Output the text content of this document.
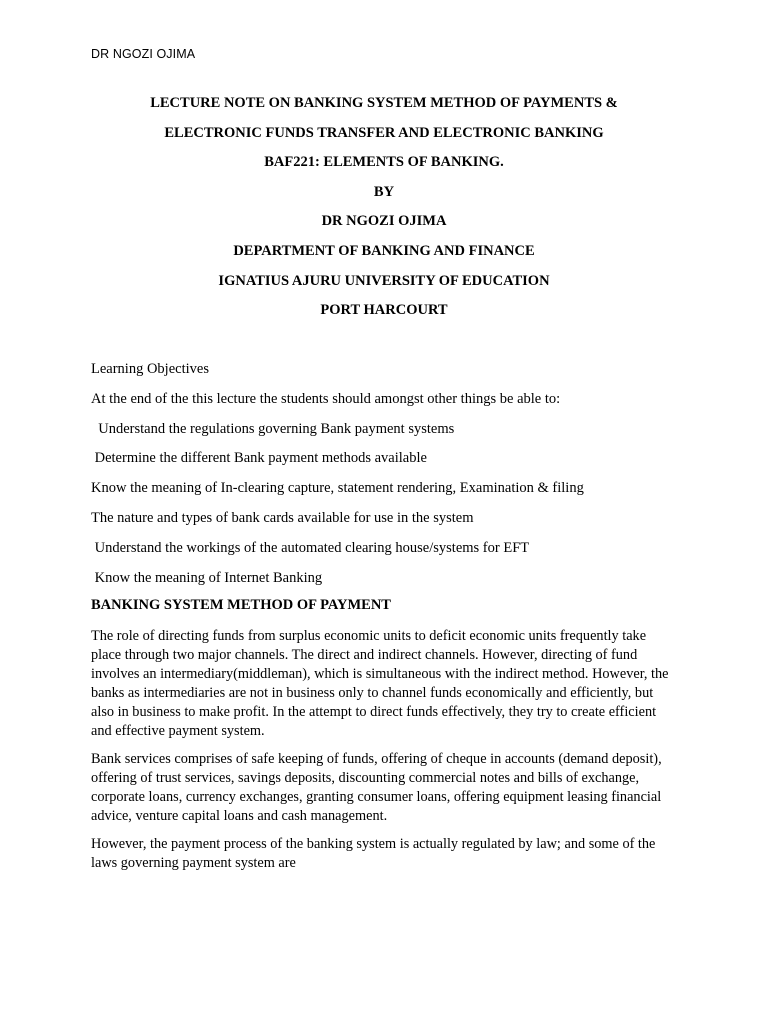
DR NGOZI OJIMA
LECTURE NOTE ON BANKING SYSTEM METHOD OF PAYMENTS &
ELECTRONIC FUNDS TRANSFER AND ELECTRONIC BANKING
BAF221: ELEMENTS OF BANKING.
BY
DR NGOZI OJIMA
DEPARTMENT OF BANKING AND FINANCE
IGNATIUS AJURU UNIVERSITY OF EDUCATION
PORT HARCOURT
Learning Objectives
At the end of the this lecture the students should amongst other things be able to:
Understand the regulations governing Bank payment systems
Determine the different Bank payment methods available
Know the meaning of In-clearing capture, statement rendering, Examination & filing
The nature and types of bank cards available for use in the system
Understand the workings of the automated clearing house/systems for EFT
Know the meaning of Internet Banking
BANKING SYSTEM METHOD OF PAYMENT

The role of directing funds from surplus economic units to deficit economic units frequently take place through two major channels. The direct and indirect channels. However, directing of fund involves an intermediary(middleman), which is simultaneous with the indirect method. However, the banks as intermediaries are not in business only to channel funds economically and efficiently, but also in business to make profit. In the attempt to direct funds effectively, they try to create efficient and effective payment system.

Bank services comprises of safe keeping of funds, offering of cheque in accounts (demand deposit), offering of trust services, savings deposits, discounting commercial notes and bills of exchange, corporate loans, currency exchanges, granting consumer loans, offering equipment leasing financial advice, venture capital loans and cash management.

However, the payment process of the banking system is actually regulated by law; and some of the laws governing payment system are
